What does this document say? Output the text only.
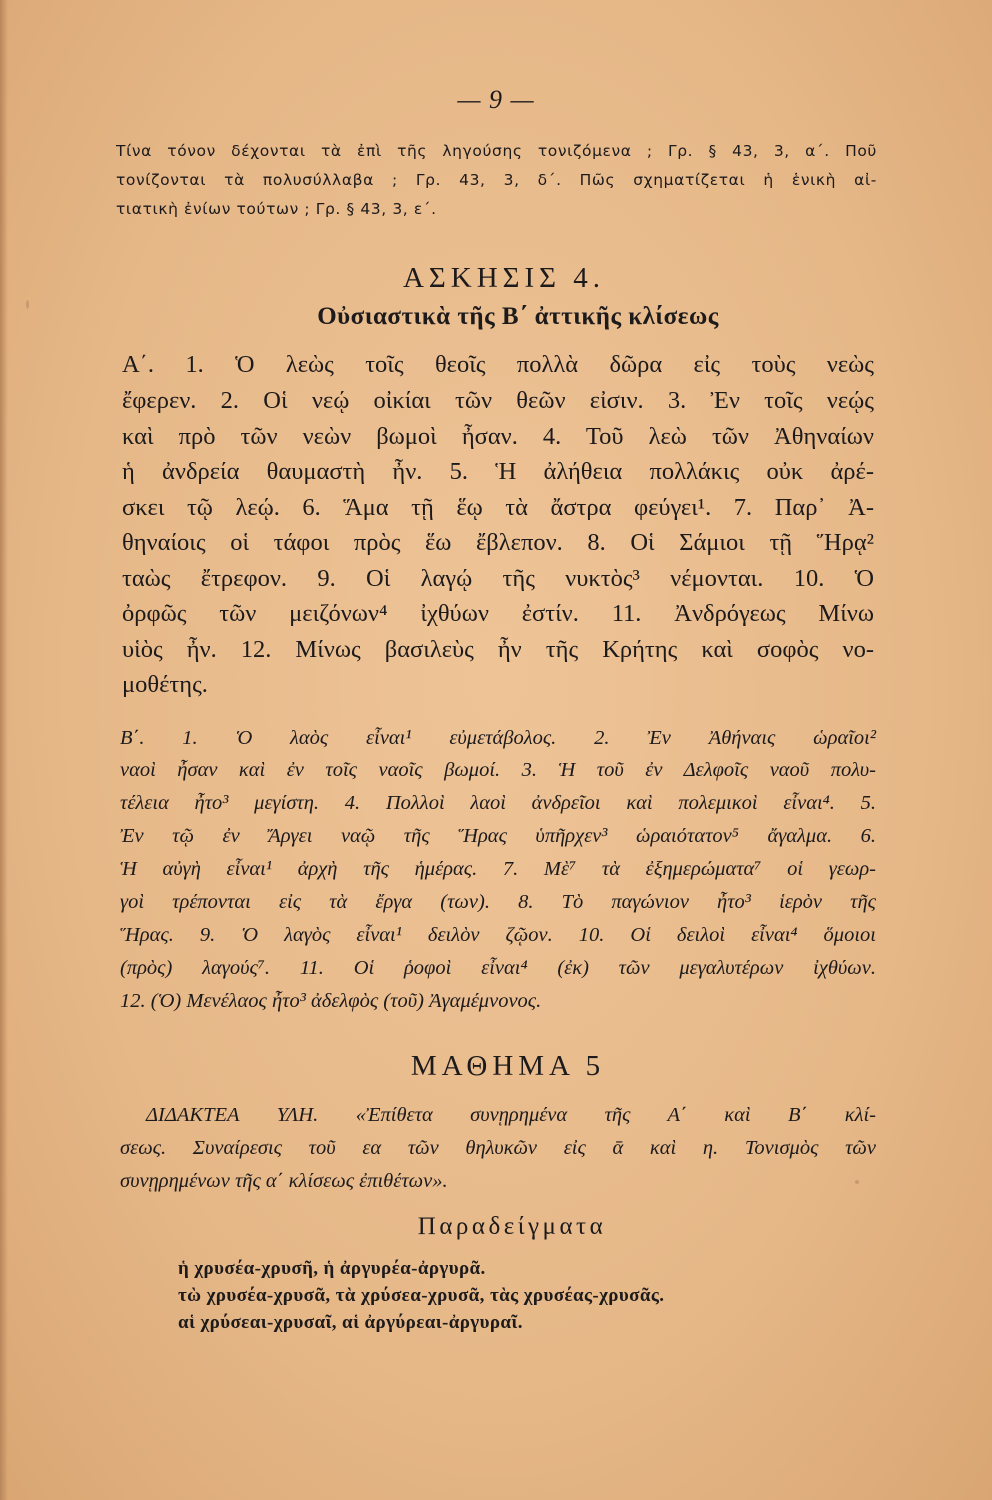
— 9 —
Τίνα τόνον δέχονται τὰ ἐπὶ τῆς ληγούσης τονιζόμενα ; Γρ. § 43, 3, α΄. Ποῦ
τονίζονται τὰ πολυσύλλαβα ; Γρ. 43, 3, δ΄. Πῶς σχηματίζεται ἡ ἑνικὴ αἰ-
τιατικὴ ἐνίων τούτων ; Γρ. § 43, 3, ε΄.
ΑΣΚΗΣΙΣ 4.
Οὐσιαστικὰ τῆς Β΄ ἀττικῆς κλίσεως
Α΄. 1. Ὁ λεὼς τοῖς θεοῖς πολλὰ δῶρα εἰς τοὺς νεὼς
ἔφερεν. 2. Οἱ νεῴ οἰκίαι τῶν θεῶν εἰσιν. 3. Ἐν τοῖς νεῴς
καὶ πρὸ τῶν νεὼν βωμοὶ ἦσαν. 4. Τοῦ λεὼ τῶν Ἀθηναίων
ἡ ἀνδρεία θαυμαστὴ ἦν. 5. Ἡ ἀλήθεια πολλάκις οὐκ ἀρέ-
σκει τῷ λεῴ. 6. Ἅμα τῇ ἕῳ τὰ ἄστρα φεύγει¹. 7. Παρ᾽ Ἀ-
θηναίοις οἱ τάφοι πρὸς ἕω ἔβλεπον. 8. Οἱ Σάμιοι τῇ Ἥρᾳ²
ταὼς ἔτρεφον. 9. Οἱ λαγῴ τῆς νυκτὸς³ νέμονται. 10. Ὁ
ὀρφῶς τῶν μειζόνων⁴ ἰχθύων ἐστίν. 11. Ἀνδρόγεως Μίνω
υἱὸς ἦν. 12. Μίνως βασιλεὺς ἦν τῆς Κρήτης καὶ σοφὸς νο-
μοθέτης.
Β΄. 1. Ὁ λαὸς εἶναι¹ εὐμετάβολος. 2. Ἐν Ἀθήναις ὡραῖοι²
ναοὶ ἦσαν καὶ ἐν τοῖς ναοῖς βωμοί. 3. Ἡ τοῦ ἐν Δελφοῖς ναοῦ πολυ-
τέλεια ἦτο³ μεγίστη. 4. Πολλοὶ λαοὶ ἀνδρεῖοι καὶ πολεμικοὶ εἶναι⁴. 5.
Ἐν τῷ ἐν Ἄργει ναῷ τῆς Ἥρας ὑπῆρχεν³ ὡραιότατον⁵ ἄγαλμα. 6.
Ἡ αὐγὴ εἶναι¹ ἀρχὴ τῆς ἡμέρας. 7. Μὲ⁷ τὰ ἐξημερώματα⁷ οἱ γεωρ-
γοὶ τρέπονται εἰς τὰ ἔργα (των). 8. Τὸ παγώνιον ἦτο³ ἱερὸν τῆς
Ἥρας. 9. Ὁ λαγὸς εἶναι¹ δειλὸν ζῷον. 10. Οἱ δειλοὶ εἶναι⁴ ὅμοιοι
(πρὸς) λαγούς⁷. 11. Οἱ ῥοφοὶ εἶναι⁴ (ἐκ) τῶν μεγαλυτέρων ἰχθύων.
12. (Ὁ) Μενέλαος ἦτο³ ἀδελφὸς (τοῦ) Ἀγαμέμνονος.
ΜΑΘΗΜΑ 5
ΔΙΔΑΚΤΕΑ ΥΛΗ. «Ἐπίθετα συνῃρημένα τῆς Α΄ καὶ Β΄ κλί-
σεως. Συναίρεσις τοῦ εα τῶν θηλυκῶν εἰς ᾱ καὶ η. Τονισμὸς τῶν
συνῃρημένων τῆς α΄ κλίσεως ἐπιθέτων».
Παραδείγματα
ἡ χρυσέα-χρυσῆ, ἡ ἀργυρέα-ἀργυρᾶ.
τὼ χρυσέα-χρυσᾶ, τὰ χρύσεα-χρυσᾶ, τὰς χρυσέας-χρυσᾶς.
αἱ χρύσεαι-χρυσαῖ, αἱ ἀργύρεαι-ἀργυραῖ.
